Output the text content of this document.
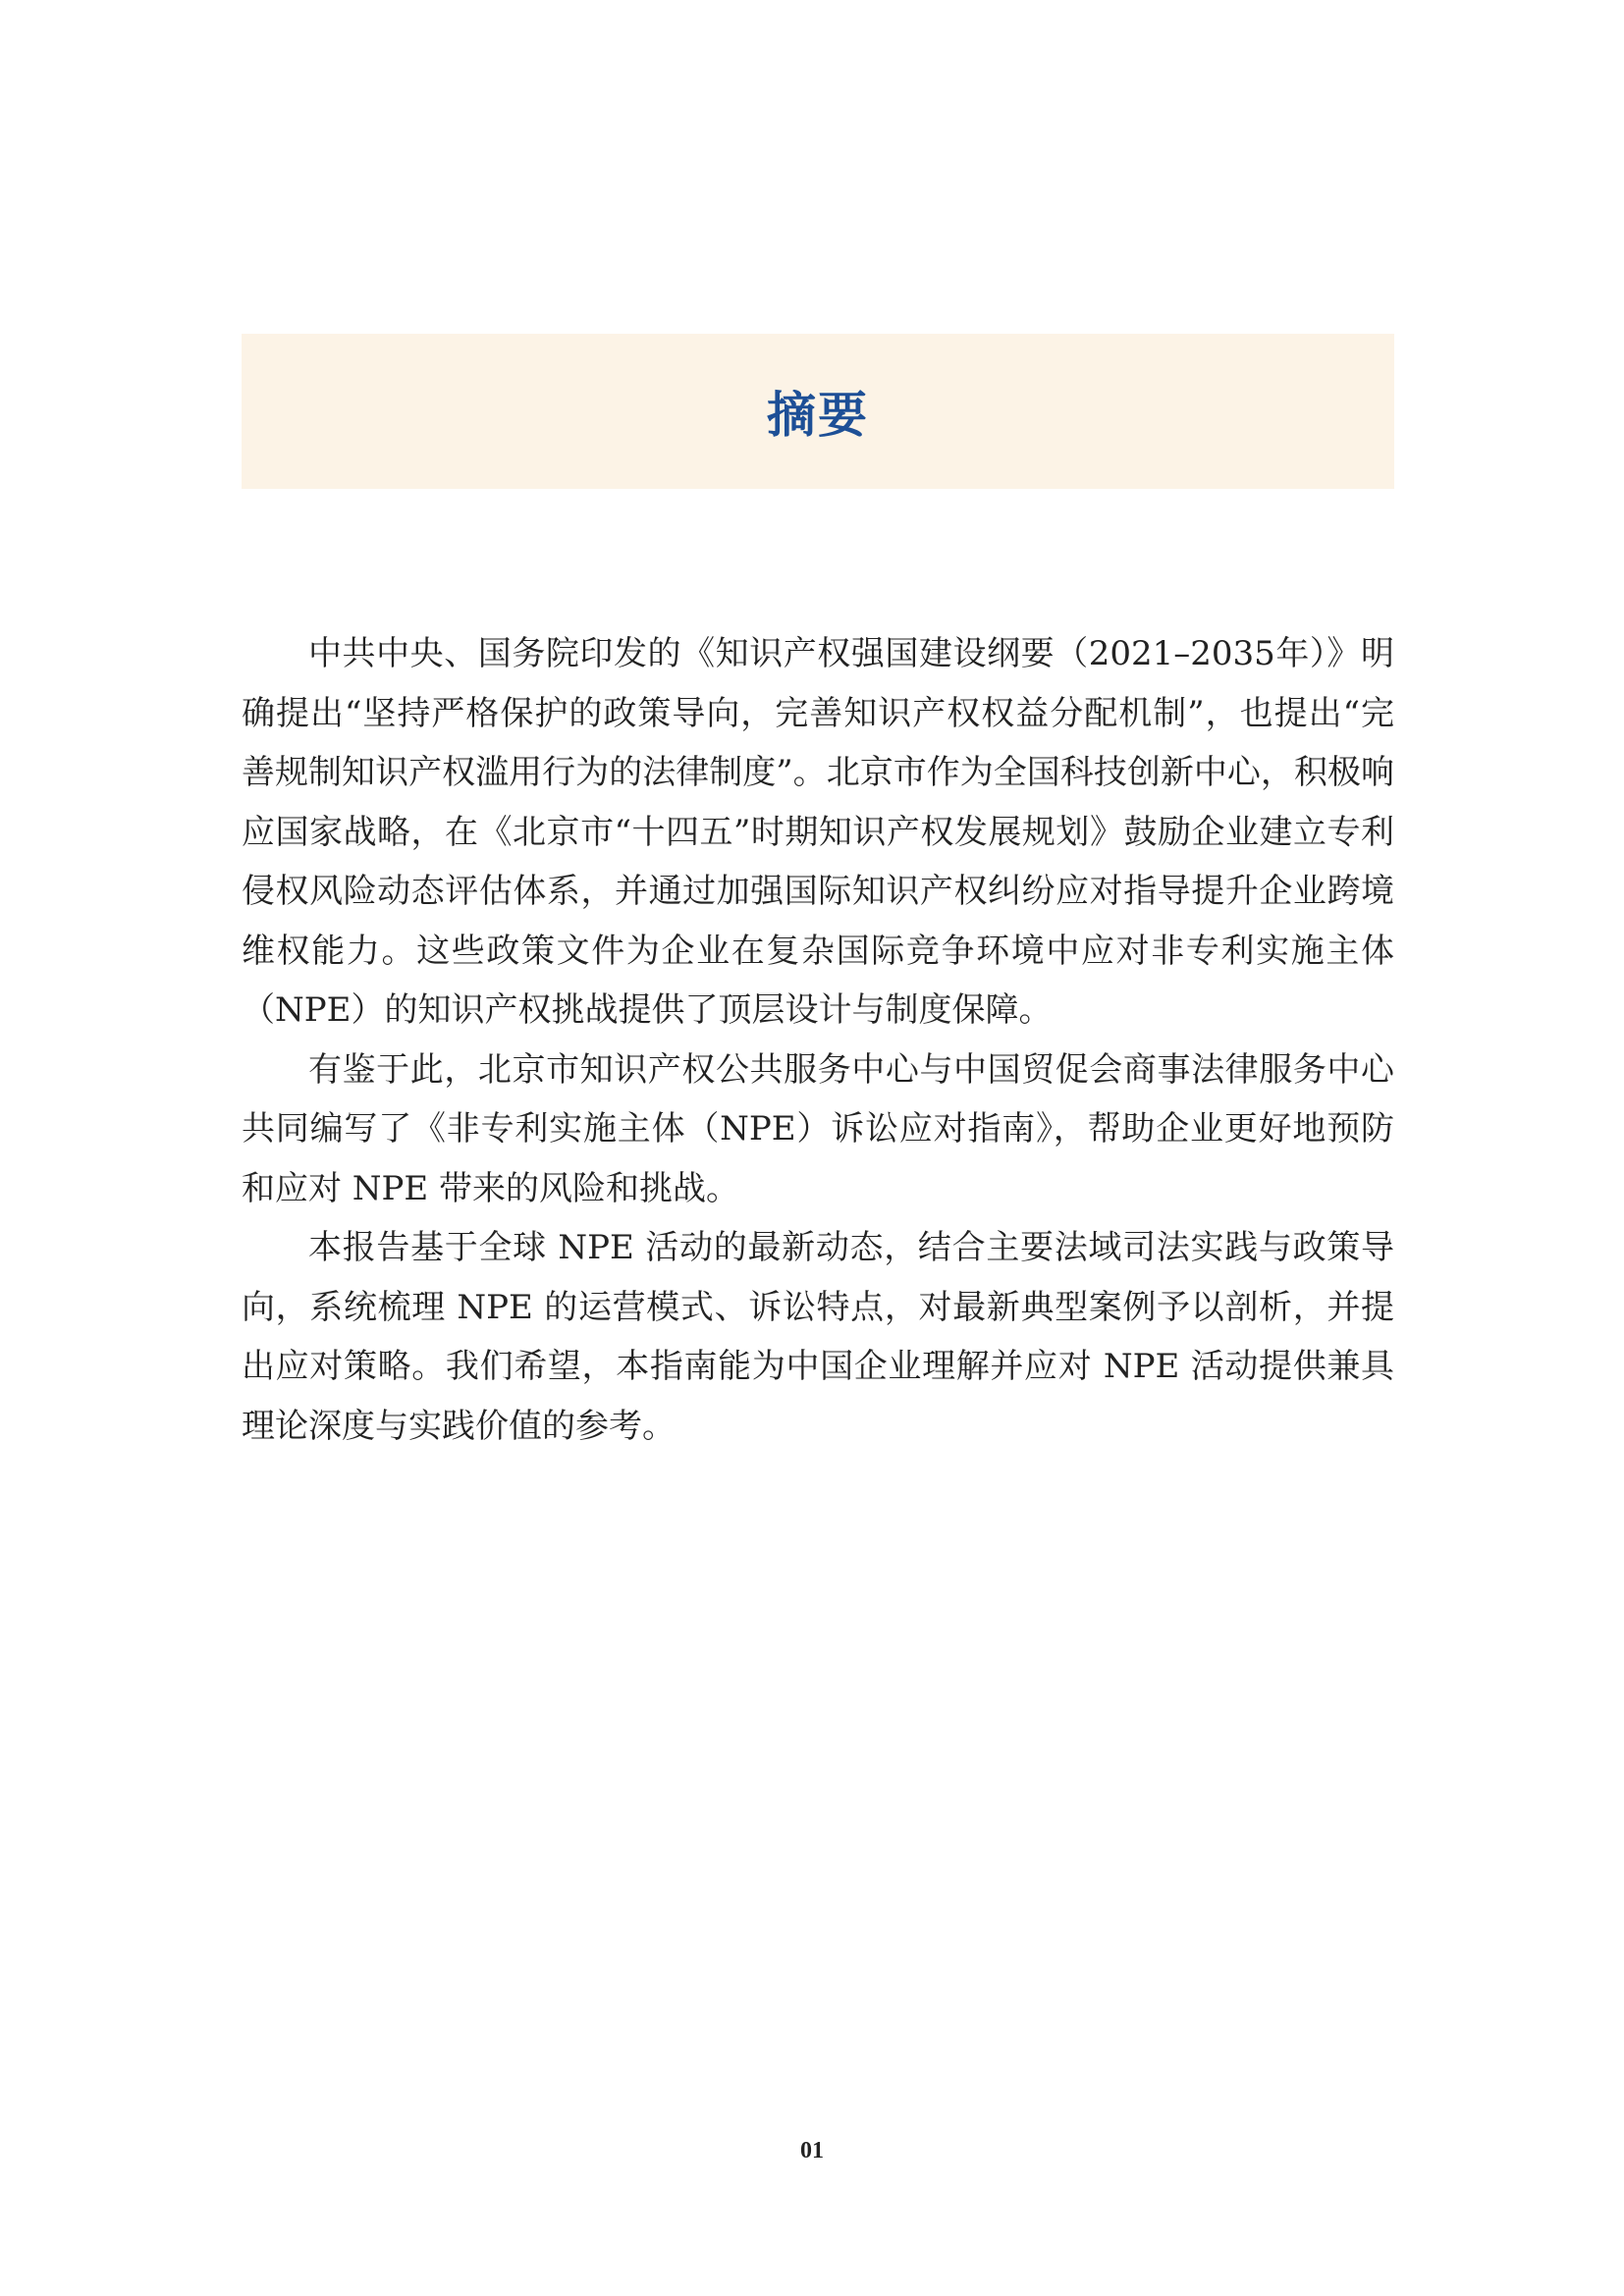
摘要

中共中央、国务院印发的《知识产权强国建设纲要（2021–2035年）》明确提出“坚持严格保护的政策导向，完善知识产权权益分配机制”，也提出“完善规制知识产权滥用行为的法律制度”。北京市作为全国科技创新中心，积极响应国家战略，在《北京市“十四五”时期知识产权发展规划》鼓励企业建立专利侵权风险动态评估体系，并通过加强国际知识产权纠纷应对指导提升企业跨境维权能力。这些政策文件为企业在复杂国际竞争环境中应对非专利实施主体（NPE）的知识产权挑战提供了顶层设计与制度保障。

有鉴于此，北京市知识产权公共服务中心与中国贸促会商事法律服务中心共同编写了《非专利实施主体（NPE）诉讼应对指南》，帮助企业更好地预防和应对 NPE 带来的风险和挑战。

本报告基于全球 NPE 活动的最新动态，结合主要法域司法实践与政策导向，系统梳理 NPE 的运营模式、诉讼特点，对最新典型案例予以剖析，并提出应对策略。我们希望，本指南能为中国企业理解并应对 NPE 活动提供兼具理论深度与实践价值的参考。

01
